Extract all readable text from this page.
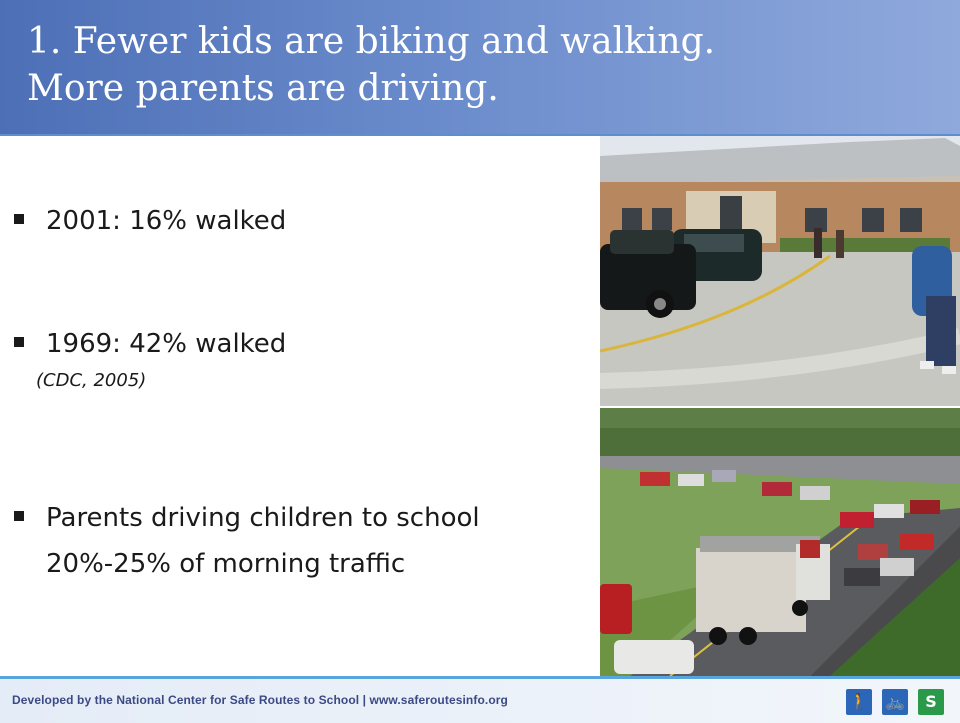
1. Fewer kids are biking and walking.
More parents are driving.
2001: 16% walked
1969: 42% walked
(CDC, 2005)
Parents driving children to school
20%-25% of morning traffic
Developed by the National Center for Safe Routes to School | www.saferoutesinfo.org	🚶 🚲	S
